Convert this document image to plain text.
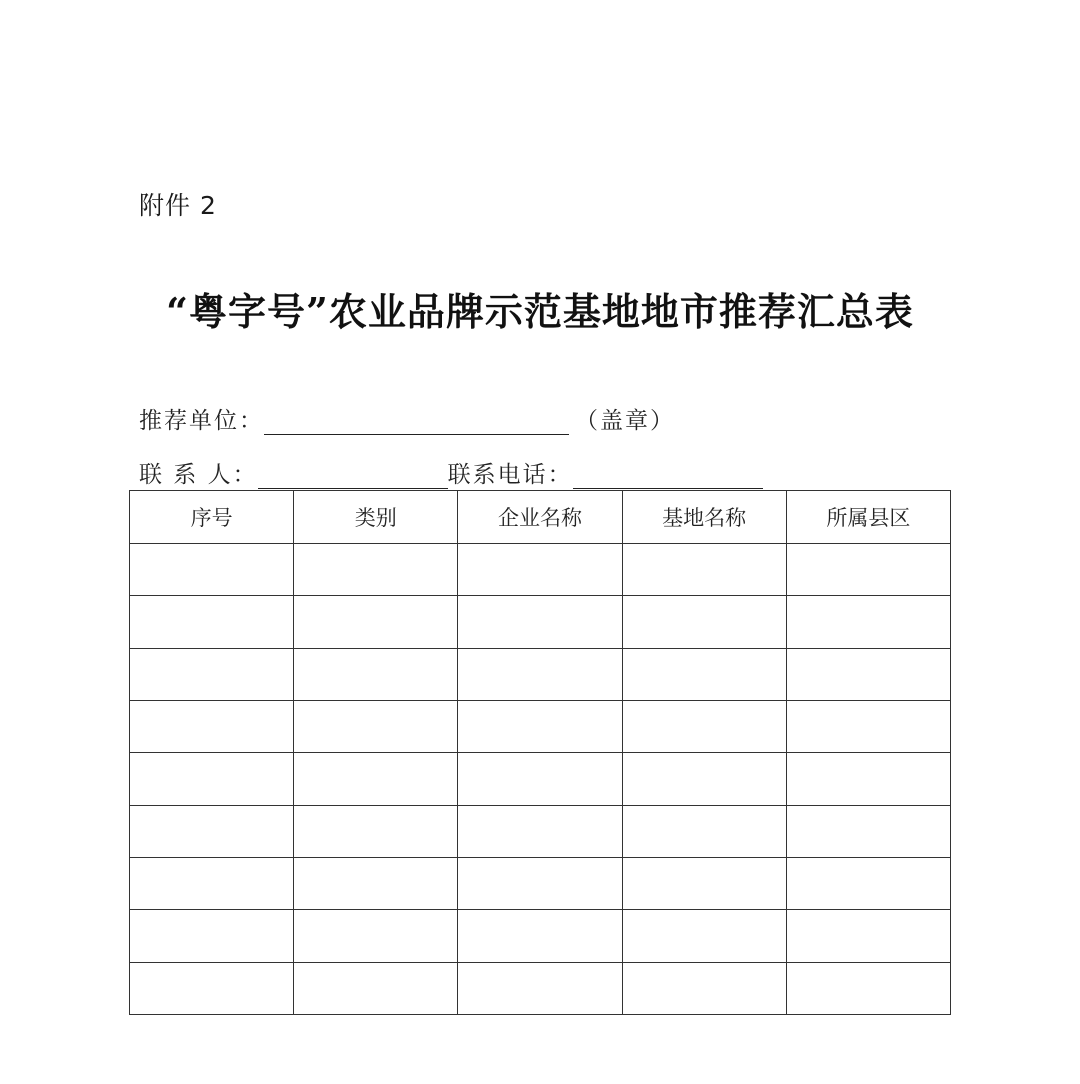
附件 2
“粤字号”农业品牌示范基地地市推荐汇总表
推荐单位：	（盖章）
联 系 人：	联系电话：
序号	类别	企业名称	基地名称	所属县区
